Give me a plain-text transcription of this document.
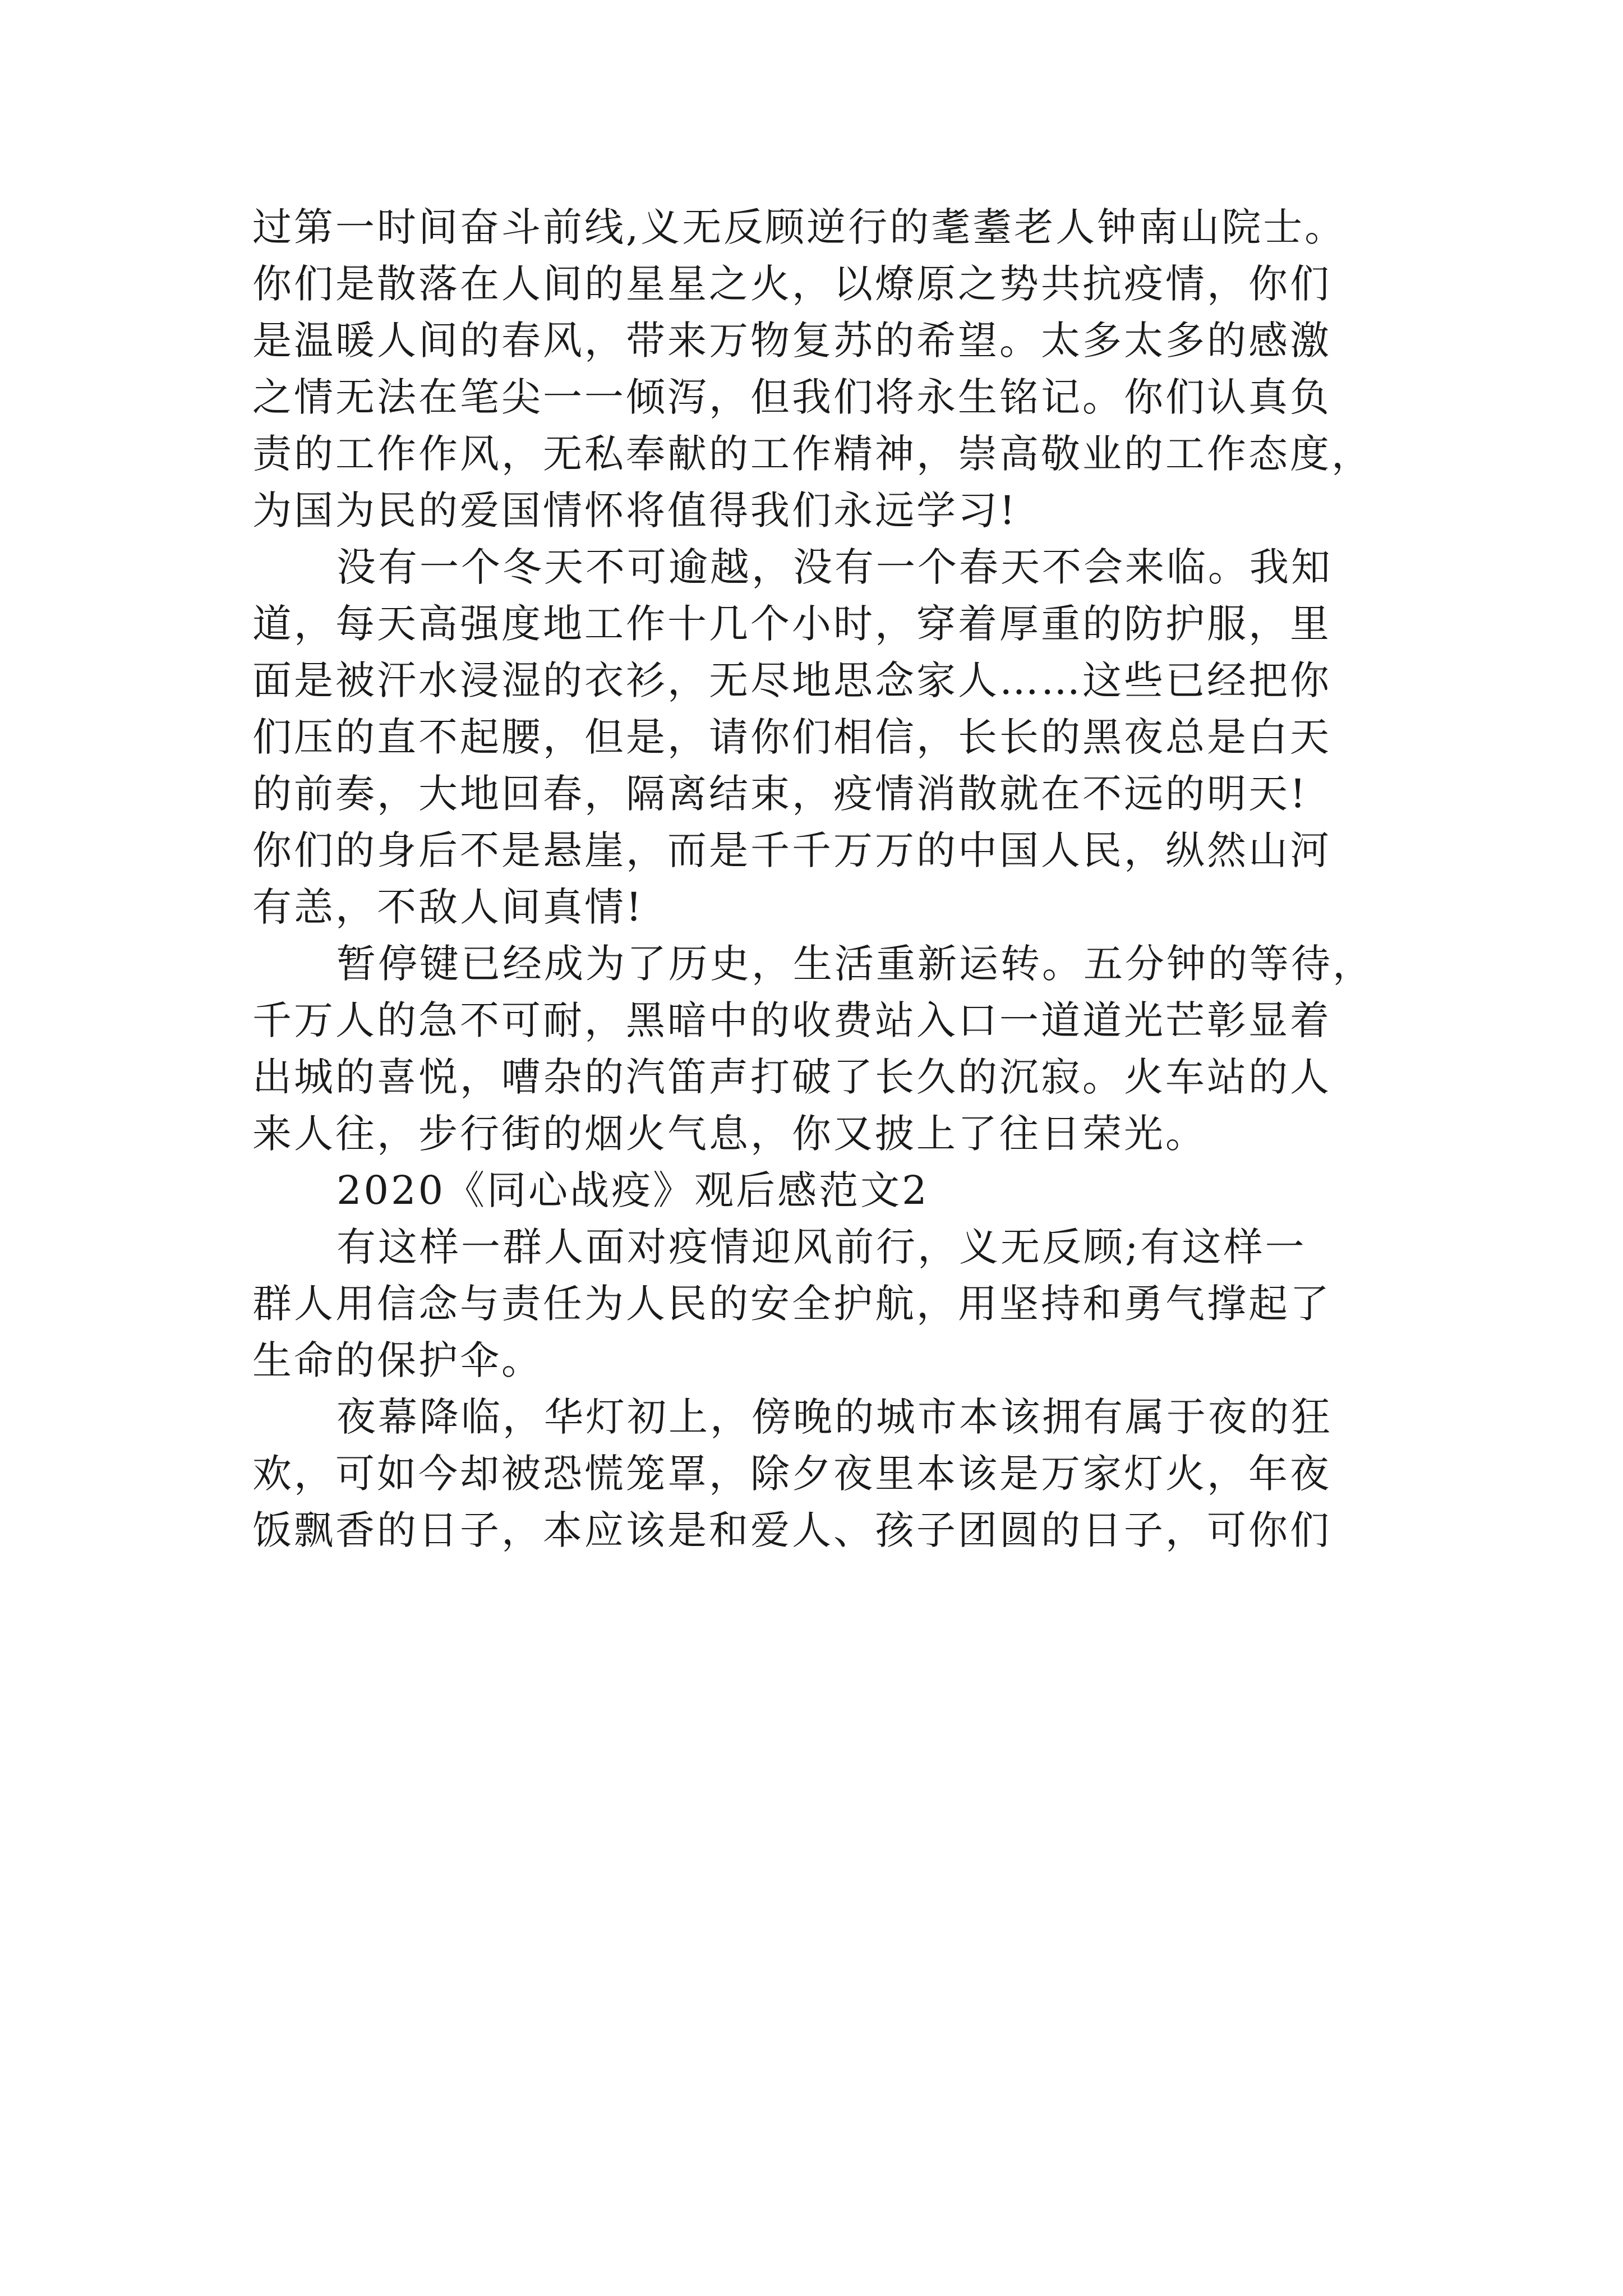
过第一时间奋斗前线,义无反顾逆行的耄耋老人钟南山院士。
你们是散落在人间的星星之火，以燎原之势共抗疫情，你们
是温暖人间的春风，带来万物复苏的希望。太多太多的感激
之情无法在笔尖一一倾泻，但我们将永生铭记。你们认真负
责的工作作风，无私奉献的工作精神，崇高敬业的工作态度，
为国为民的爱国情怀将值得我们永远学习!
没有一个冬天不可逾越，没有一个春天不会来临。我知
道，每天高强度地工作十几个小时，穿着厚重的防护服，里
面是被汗水浸湿的衣衫，无尽地思念家人……这些已经把你
们压的直不起腰，但是，请你们相信，长长的黑夜总是白天
的前奏，大地回春，隔离结束，疫情消散就在不远的明天!
你们的身后不是悬崖，而是千千万万的中国人民，纵然山河
有恙，不敌人间真情!
暂停键已经成为了历史，生活重新运转。五分钟的等待，
千万人的急不可耐，黑暗中的收费站入口一道道光芒彰显着
出城的喜悦，嘈杂的汽笛声打破了长久的沉寂。火车站的人
来人往，步行街的烟火气息，你又披上了往日荣光。
2020《同心战疫》观后感范文2
有这样一群人面对疫情迎风前行，义无反顾;有这样一
群人用信念与责任为人民的安全护航，用坚持和勇气撑起了
生命的保护伞。
夜幕降临，华灯初上，傍晚的城市本该拥有属于夜的狂
欢，可如今却被恐慌笼罩，除夕夜里本该是万家灯火，年夜
饭飘香的日子，本应该是和爱人、孩子团圆的日子，可你们
